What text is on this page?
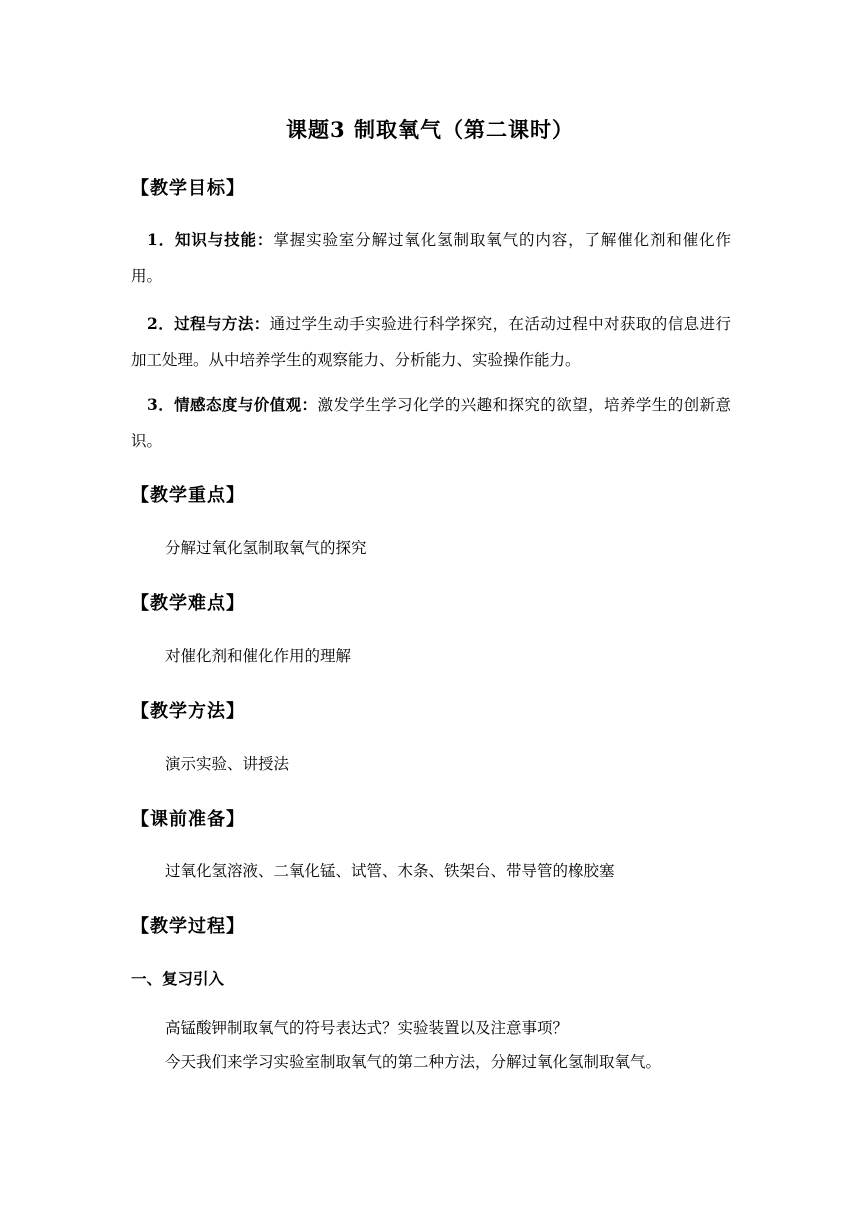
课题3 制取氧气（第二课时）
【教学目标】
1．知识与技能：掌握实验室分解过氧化氢制取氧气的内容，了解催化剂和催化作用。
2．过程与方法：通过学生动手实验进行科学探究，在活动过程中对获取的信息进行加工处理。从中培养学生的观察能力、分析能力、实验操作能力。
3．情感态度与价值观：激发学生学习化学的兴趣和探究的欲望，培养学生的创新意识。
【教学重点】
分解过氧化氢制取氧气的探究
【教学难点】
对催化剂和催化作用的理解
【教学方法】
演示实验、讲授法
【课前准备】
过氧化氢溶液、二氧化锰、试管、木条、铁架台、带导管的橡胶塞
【教学过程】
一、复习引入
高锰酸钾制取氧气的符号表达式？实验装置以及注意事项？
今天我们来学习实验室制取氧气的第二种方法，分解过氧化氢制取氧气。
